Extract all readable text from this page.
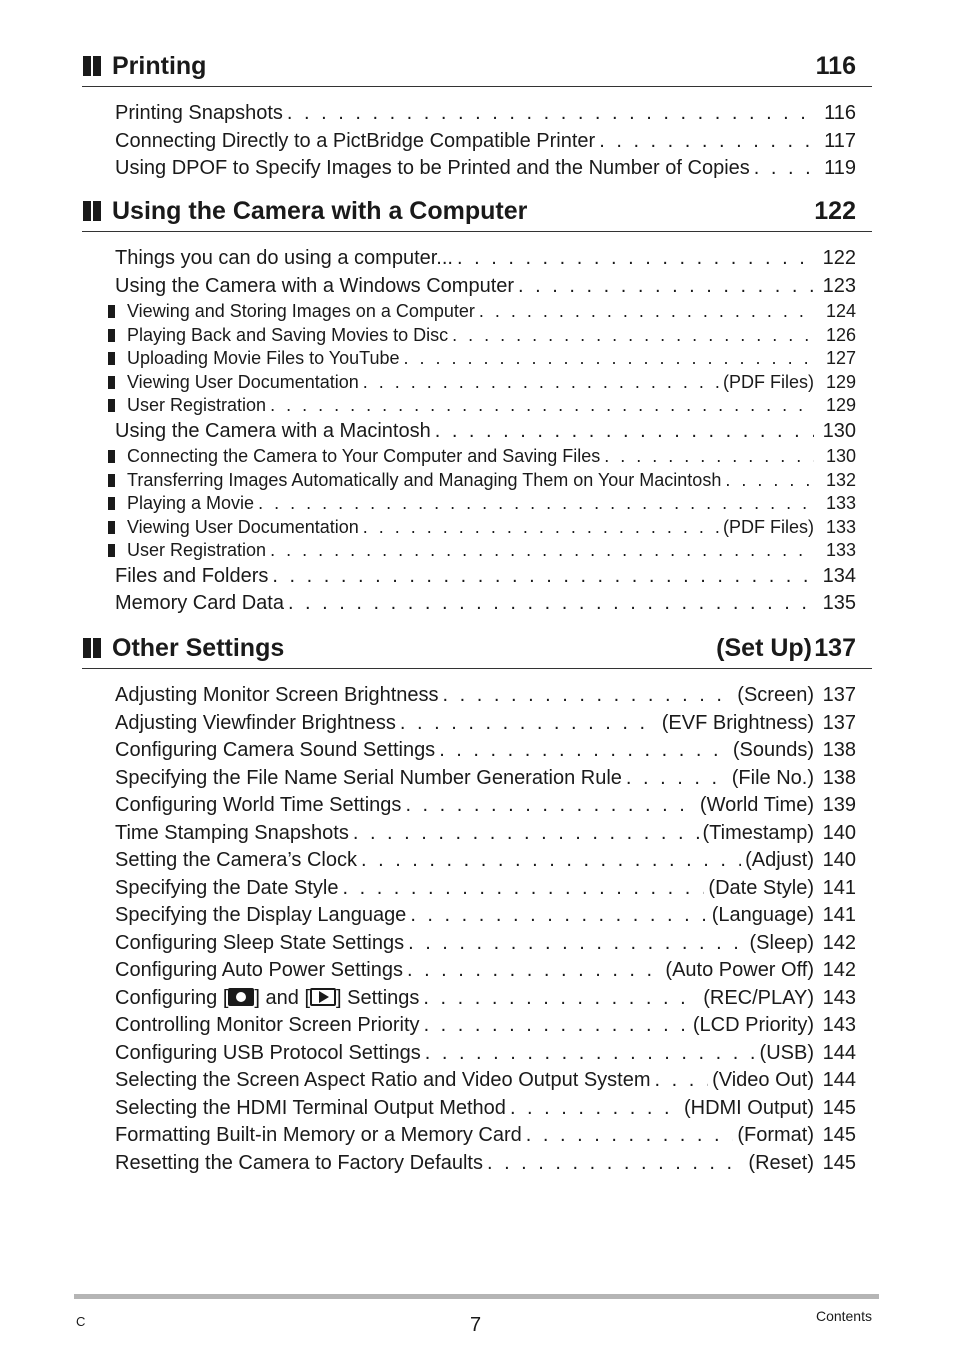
Printing	116
Printing Snapshots . . .	116
Connecting Directly to a PictBridge Compatible Printer . . .	117
Using DPOF to Specify Images to be Printed and the Number of Copies . . .	119
Using the Camera with a Computer	122
Things you can do using a computer... . . .	122
Using the Camera with a Windows Computer . . .	123
Viewing and Storing Images on a Computer . . .	124
Playing Back and Saving Movies to Disc . . .	126
Uploading Movie Files to YouTube . . .	127
Viewing User Documentation . . .	(PDF Files) 129
User Registration . . .	129
Using the Camera with a Macintosh . . .	130
Connecting the Camera to Your Computer and Saving Files . . .	130
Transferring Images Automatically and Managing Them on Your Macintosh . . .	132
Playing a Movie . . .	133
Viewing User Documentation . . .	(PDF Files) 133
User Registration . . .	133
Files and Folders . . .	134
Memory Card Data . . .	135
Other Settings	(Set Up) 137
Adjusting Monitor Screen Brightness . . .	(Screen) 137
Adjusting Viewfinder Brightness . . .	(EVF Brightness) 137
Configuring Camera Sound Settings . . .	(Sounds) 138
Specifying the File Name Serial Number Generation Rule . . .	(File No.) 138
Configuring World Time Settings . . .	(World Time) 139
Time Stamping Snapshots . . .	(Timestamp) 140
Setting the Camera’s Clock . . .	(Adjust) 140
Specifying the Date Style . . .	(Date Style) 141
Specifying the Display Language . . .	(Language) 141
Configuring Sleep State Settings . . .	(Sleep) 142
Configuring Auto Power Settings . . .	(Auto Power Off) 142
Configuring [ ] and [ ] Settings . . .	(REC/PLAY) 143
Controlling Monitor Screen Priority . . .	(LCD Priority) 143
Configuring USB Protocol Settings . . .	(USB) 144
Selecting the Screen Aspect Ratio and Video Output System . . .	(Video Out) 144
Selecting the HDMI Terminal Output Method . . .	(HDMI Output) 145
Formatting Built-in Memory or a Memory Card . . .	(Format) 145
Resetting the Camera to Factory Defaults . . .	(Reset) 145
C	7	Contents
